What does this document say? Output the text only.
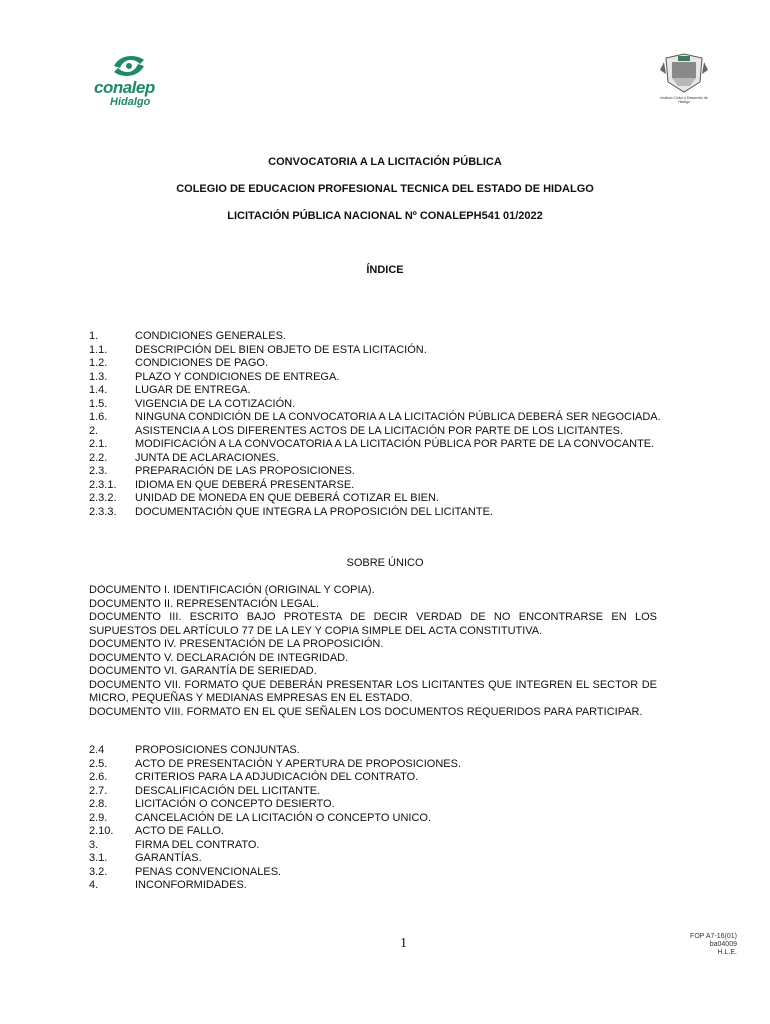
conalep
Hidalgo	Instituto Cívico y Desarrollo de Hidalgo
CONVOCATORIA A LA LICITACIÓN PÚBLICA
COLEGIO DE EDUCACION PROFESIONAL TECNICA DEL ESTADO DE HIDALGO
LICITACIÓN PÚBLICA NACIONAL Nº CONALEPH541 01/2022
ÍNDICE
1.	CONDICIONES GENERALES.
1.1.	DESCRIPCIÓN DEL BIEN OBJETO DE ESTA LICITACIÓN.
1.2.	CONDICIONES DE PAGO.
1.3.	PLAZO Y CONDICIONES DE ENTREGA.
1.4.	LUGAR DE ENTREGA.
1.5.	VIGENCIA DE LA COTIZACIÓN.
1.6.	NINGUNA CONDICIÓN DE LA CONVOCATORIA A LA LICITACIÓN PÚBLICA DEBERÁ SER NEGOCIADA.
2.	ASISTENCIA A LOS DIFERENTES ACTOS DE LA LICITACIÓN POR PARTE DE LOS LICITANTES.
2.1.	MODIFICACIÓN A LA CONVOCATORIA A LA LICITACIÓN PÚBLICA POR PARTE DE LA CONVOCANTE.
2.2.	JUNTA DE ACLARACIONES.
2.3.	PREPARACIÓN DE LAS PROPOSICIONES.
2.3.1.	IDIOMA EN QUE DEBERÁ PRESENTARSE.
2.3.2.	UNIDAD DE MONEDA EN QUE DEBERÁ COTIZAR EL BIEN.
2.3.3.	DOCUMENTACIÓN QUE INTEGRA LA PROPOSICIÓN DEL LICITANTE.
SOBRE ÚNICO
DOCUMENTO I. IDENTIFICACIÓN (ORIGINAL Y COPIA).
DOCUMENTO II. REPRESENTACIÓN LEGAL.
DOCUMENTO III. ESCRITO BAJO PROTESTA DE DECIR VERDAD DE NO ENCONTRARSE EN LOS SUPUESTOS DEL ARTÍCULO 77 DE LA LEY Y COPIA SIMPLE DEL ACTA CONSTITUTIVA.
DOCUMENTO IV. PRESENTACIÓN DE LA PROPOSICIÓN.
DOCUMENTO V. DECLARACIÓN DE INTEGRIDAD.
DOCUMENTO VI. GARANTÍA DE SERIEDAD.
DOCUMENTO VII. FORMATO QUE DEBERÁN PRESENTAR LOS LICITANTES QUE INTEGREN EL SECTOR DE MICRO, PEQUEÑAS Y MEDIANAS EMPRESAS EN EL ESTADO.
DOCUMENTO VIII. FORMATO EN EL QUE SEÑALEN LOS DOCUMENTOS REQUERIDOS PARA PARTICIPAR.
2.4	PROPOSICIONES CONJUNTAS.
2.5.	ACTO DE PRESENTACIÓN Y APERTURA DE PROPOSICIONES.
2.6.	CRITERIOS PARA LA ADJUDICACIÓN DEL CONTRATO.
2.7.	DESCALIFICACIÓN DEL LICITANTE.
2.8.	LICITACIÓN O CONCEPTO DESIERTO.
2.9.	CANCELACIÓN DE LA LICITACIÓN O CONCEPTO UNICO.
2.10.	ACTO DE FALLO.
3.	FIRMA DEL CONTRATO.
3.1.	GARANTÍAS.
3.2.	PENAS CONVENCIONALES.
4.	INCONFORMIDADES.
1	FOP A7-16(01)
ba04009
H.L.E.
